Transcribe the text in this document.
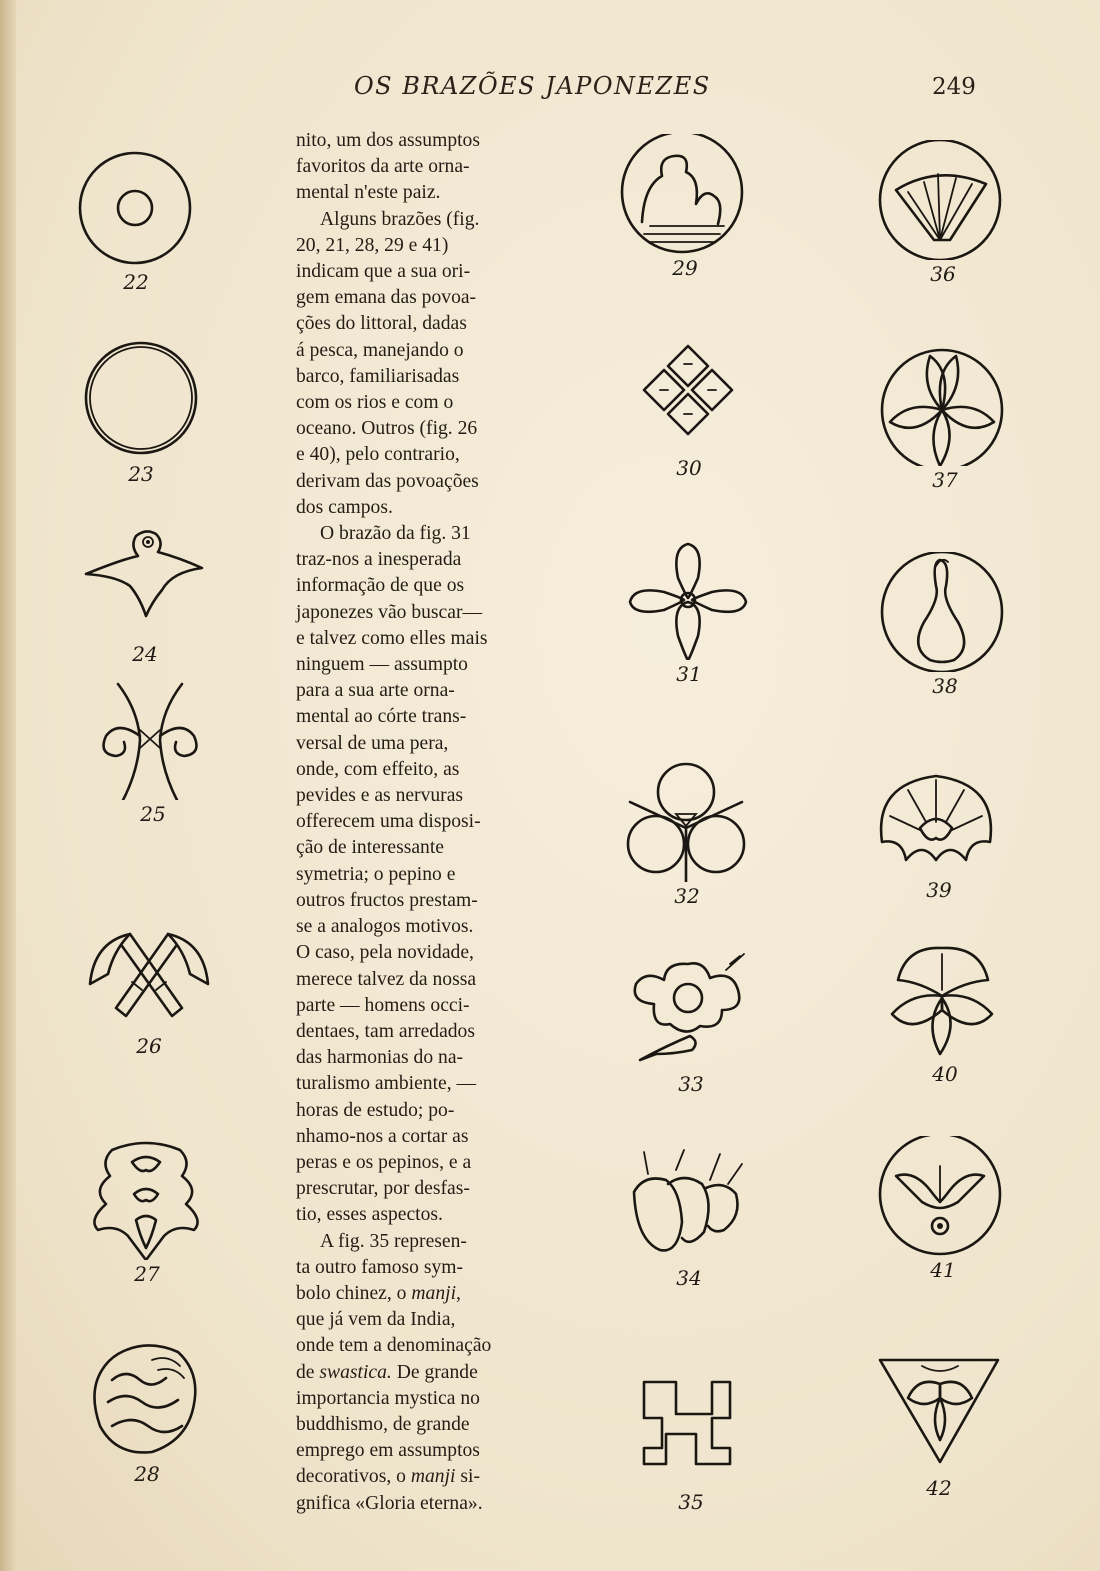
OS BRAZÕES JAPONEZES	249

nito, um dos assumptos

favoritos da arte orna-

mental n'este paiz.

Alguns brazões (fig.

20, 21, 28, 29 e 41)

indicam que a sua ori-

gem emana das povoa-

ções do littoral, dadas

á pesca, manejando o

barco, familiarisadas

com os rios e com o

oceano. Outros (fig. 26

e 40), pelo contrario,

derivam das povoações

dos campos.

O brazão da fig. 31

traz-nos a inesperada

informação de que os

japonezes vão buscar—

e talvez como elles mais

ninguem — assumpto

para a sua arte orna-

mental ao córte trans-

versal de uma pera,

onde, com effeito, as

pevides e as nervuras

offerecem uma disposi-

ção de interessante

symetria; o pepino e

outros fructos prestam-

se a analogos motivos.

O caso, pela novidade,

merece talvez da nossa

parte — homens occi-

dentaes, tam arredados

das harmonias do na-

turalismo ambiente, —

horas de estudo; po-

nhamo-nos a cortar as

peras e os pepinos, e a

prescrutar, por desfas-

tio, esses aspectos.

A fig. 35 represen-

ta outro famoso sym-

bolo chinez, o manji,

que já vem da India,

onde tem a denominação

de swastica. De grande

importancia mystica no

buddhismo, de grande

emprego em assumptos

decorativos, o manji si-

gnifica «Gloria eterna».

22
23
24
25
26
27
28
29
30
31
32
33
34
35
36
37
38
39
40
41
42
